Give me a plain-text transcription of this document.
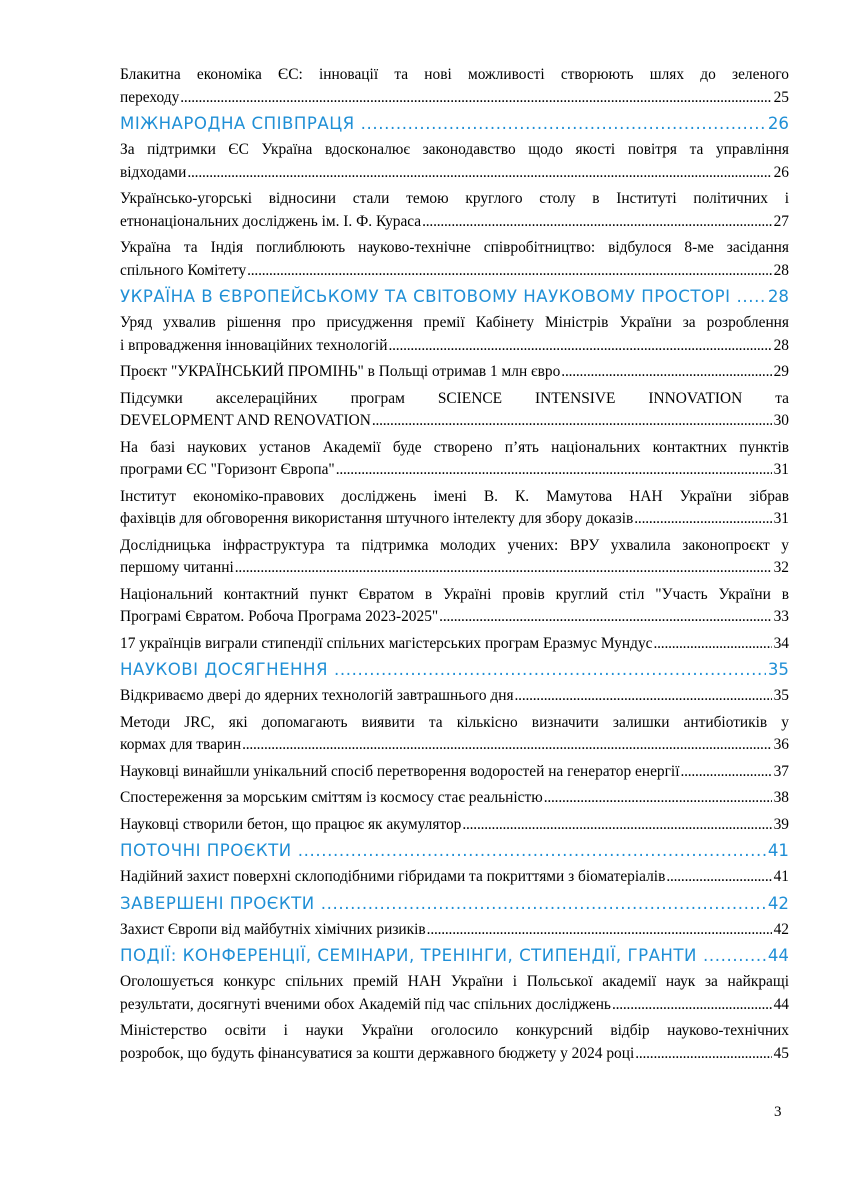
Блакитна економіка ЄС: інновації та нові можливості створюють шлях до зеленого
переходу .....	25
МІЖНАРОДНА СПІВПРАЦЯ .....	26
За підтримки ЄС Україна вдосконалює законодавство щодо якості повітря та управління
відходами .....	26
Українсько-угорські відносини стали темою круглого столу в Інституті політичних і
етнонаціональних досліджень ім. І. Ф. Кураса .....	27
Україна та Індія поглиблюють науково-технічне співробітництво: відбулося 8-ме засідання
спільного Комітету .....	28
УКРАЇНА В ЄВРОПЕЙСЬКОМУ ТА СВІТОВОМУ НАУКОВОМУ ПРОСТОРІ ..... 28
Уряд ухвалив рішення про присудження премії Кабінету Міністрів України за розроблення
і впровадження інноваційних технологій .....	28
Проєкт "УКРАЇНСЬКИЙ ПРОМІНЬ" в Польщі отримав 1 млн євро .....	29
Підсумки акселераційних програм SCIENCE INTENSIVE INNOVATION та
DEVELOPMENT AND RENOVATION .....	30
На базі наукових установ Академії буде створено п’ять національних контактних пунктів
програми ЄС "Горизонт Європа" .....	31
Інститут економіко-правових досліджень імені В. К. Мамутова НАН України зібрав
фахівців для обговорення використання штучного інтелекту для збору доказів .....	31
Дослідницька інфраструктура та підтримка молодих учених: ВРУ ухвалила законопроєкт у
першому читанні .....	32
Національний контактний пункт Євратом в Україні провів круглий стіл "Участь України в
Програмі Євратом. Робоча Програма 2023-2025" .....	33
17 українців виграли стипендії спільних магістерських програм Еразмус Мундус .....	34
НАУКОВІ ДОСЯГНЕННЯ .....	35
Відкриваємо двері до ядерних технологій завтрашнього дня .....	35
Методи JRC, які допомагають виявити та кількісно визначити залишки антибіотиків у
кормах для тварин .....	36
Науковці винайшли унікальний спосіб перетворення водоростей на генератор енергії .....	37
Спостереження за морським сміттям із космосу стає реальністю .....	38
Науковці створили бетон, що працює як акумулятор .....	39
ПОТОЧНІ ПРОЄКТИ .....	41
Надійний захист поверхні склоподібними гібридами та покриттями з біоматеріалів .....	41
ЗАВЕРШЕНІ ПРОЄКТИ .....	42
Захист Європи від майбутніх хімічних ризиків .....	42
ПОДІЇ: КОНФЕРЕНЦІЇ, СЕМІНАРИ, ТРЕНІНГИ, СТИПЕНДІЇ, ГРАНТИ .....	44
Оголошується конкурс спільних премій НАН України і Польської академії наук за найкращі
результати, досягнуті вченими обох Академій під час спільних досліджень .....	44
Міністерство освіти і науки України оголосило конкурсний відбір науково-технічних
розробок, що будуть фінансуватися за кошти державного бюджету у 2024 році .....	45
3
